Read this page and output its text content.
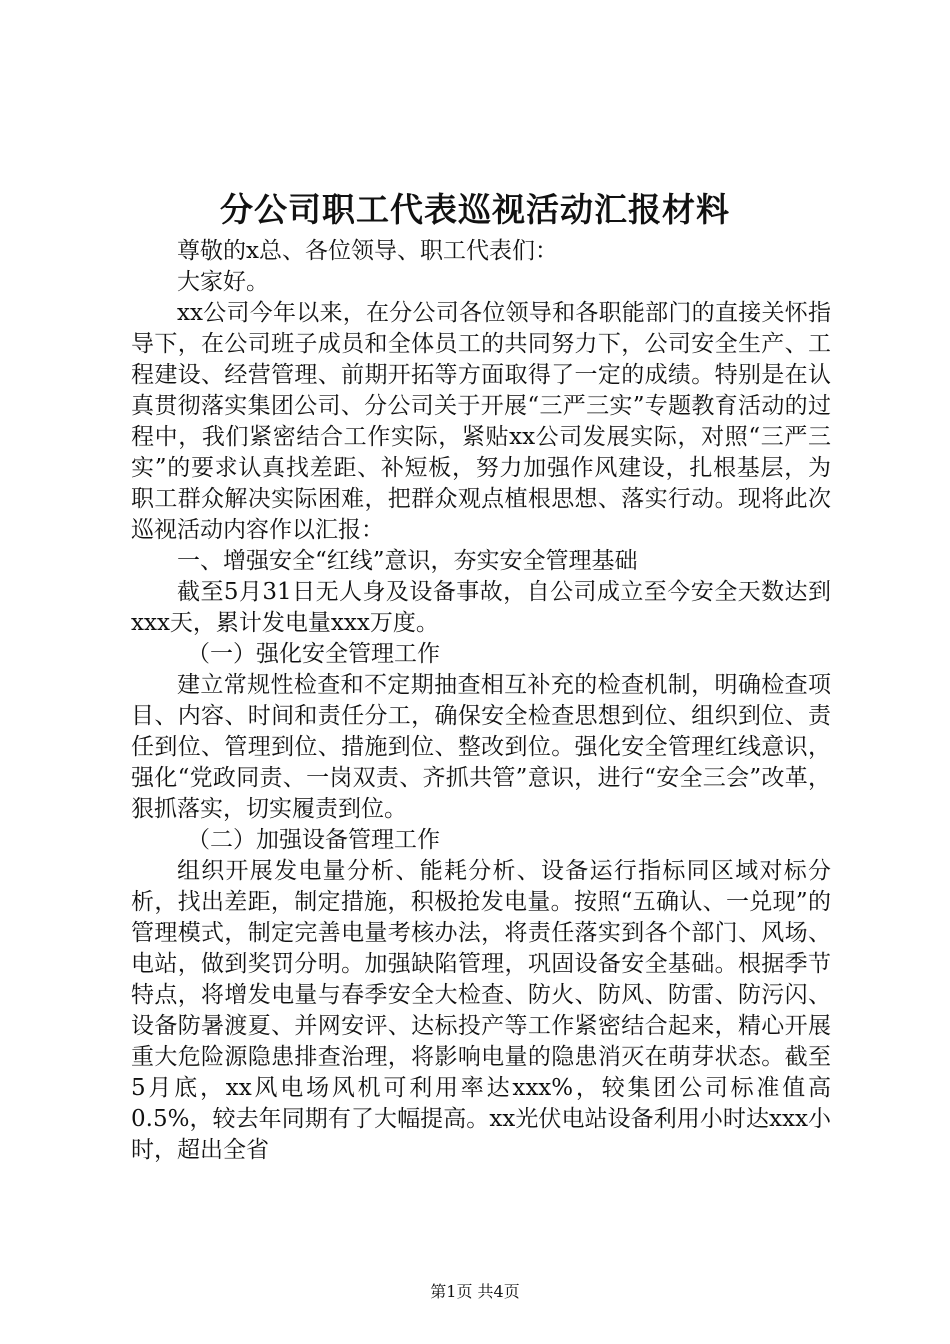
分公司职工代表巡视活动汇报材料

尊敬的x总、各位领导、职工代表们：

大家好。

xx公司今年以来，在分公司各位领导和各职能部门的直接关怀指导下，在公司班子成员和全体员工的共同努力下，公司安全生产、工程建设、经营管理、前期开拓等方面取得了一定的成绩。特别是在认真贯彻落实集团公司、分公司关于开展“三严三实”专题教育活动的过程中，我们紧密结合工作实际，紧贴xx公司发展实际，对照“三严三实”的要求认真找差距、补短板，努力加强作风建设，扎根基层，为职工群众解决实际困难，把群众观点植根思想、落实行动。现将此次巡视活动内容作以汇报：

一、增强安全“红线”意识，夯实安全管理基础

截至5月31日无人身及设备事故，自公司成立至今安全天数达到xxx天，累计发电量xxx万度。

（一）强化安全管理工作

建立常规性检查和不定期抽查相互补充的检查机制，明确检查项目、内容、时间和责任分工，确保安全检查思想到位、组织到位、责任到位、管理到位、措施到位、整改到位。强化安全管理红线意识，强化“党政同责、一岗双责、齐抓共管”意识，进行“安全三会”改革，狠抓落实，切实履责到位。

（二）加强设备管理工作

组织开展发电量分析、能耗分析、设备运行指标同区域对标分析，找出差距，制定措施，积极抢发电量。按照“五确认、一兑现”的管理模式，制定完善电量考核办法，将责任落实到各个部门、风场、电站，做到奖罚分明。加强缺陷管理，巩固设备安全基础。根据季节特点，将增发电量与春季安全大检查、防火、防风、防雷、防污闪、设备防暑渡夏、并网安评、达标投产等工作紧密结合起来，精心开展重大危险源隐患排查治理，将影响电量的隐患消灭在萌芽状态。截至5月底，xx风电场风机可利用率达xxx%，较集团公司标准值高0.5%，较去年同期有了大幅提高。xx光伏电站设备利用小时达xxx小时，超出全省

第1页 共4页
